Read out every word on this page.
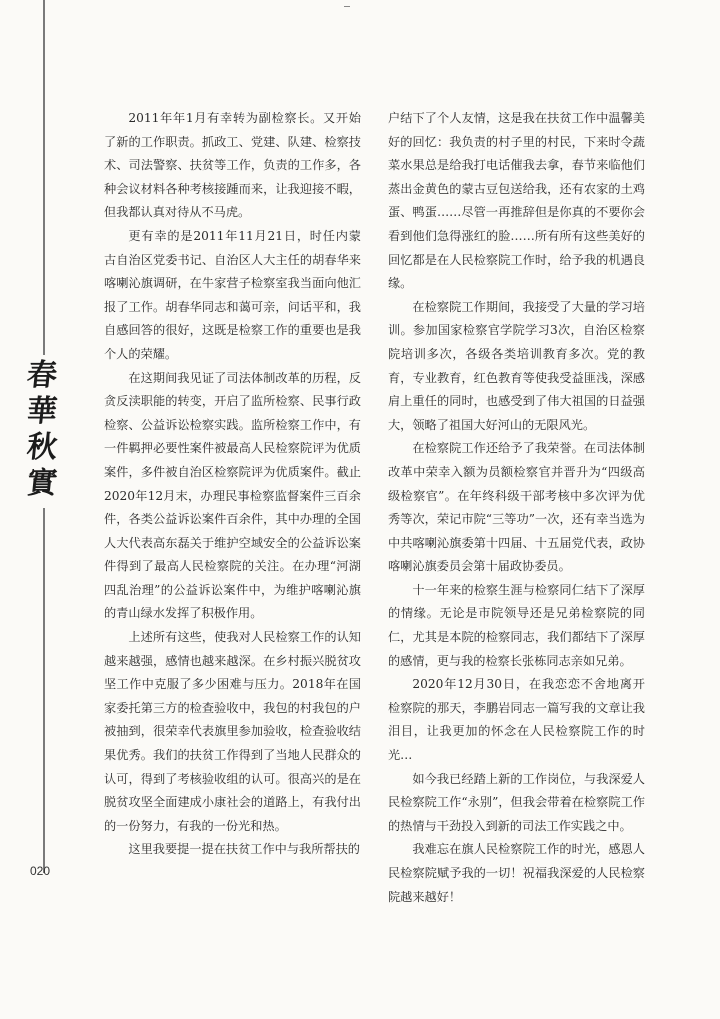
春
華
秋
實
020

2011年年1月有幸转为副检察长。又开始了新的工作职责。抓政工、党建、队建、检察技术、司法警察、扶贫等工作，负责的工作多，各种会议材料各种考核接踵而来，让我迎接不暇，但我都认真对待从不马虎。

更有幸的是2011年11月21日，时任内蒙古自治区党委书记、自治区人大主任的胡春华来喀喇沁旗调研，在牛家营子检察室我当面向他汇报了工作。胡春华同志和蔼可亲，问话平和，我自感回答的很好，这既是检察工作的重要也是我个人的荣耀。

在这期间我见证了司法体制改革的历程，反贪反渎职能的转变，开启了监所检察、民事行政检察、公益诉讼检察实践。监所检察工作中，有一件羁押必要性案件被最高人民检察院评为优质案件，多件被自治区检察院评为优质案件。截止2020年12月末，办理民事检察监督案件三百余件，各类公益诉讼案件百余件，其中办理的全国人大代表高东磊关于维护空域安全的公益诉讼案件得到了最高人民检察院的关注。在办理“河湖四乱治理”的公益诉讼案件中，为维护喀喇沁旗的青山绿水发挥了积极作用。

上述所有这些，使我对人民检察工作的认知越来越强，感情也越来越深。在乡村振兴脱贫攻坚工作中克服了多少困难与压力。2018年在国家委托第三方的检查验收中，我包的村我包的户被抽到，很荣幸代表旗里参加验收，检查验收结果优秀。我们的扶贫工作得到了当地人民群众的认可，得到了考核验收组的认可。很高兴的是在脱贫攻坚全面建成小康社会的道路上，有我付出的一份努力，有我的一份光和热。

这里我要提一提在扶贫工作中与我所帮扶的

户结下了个人友情，这是我在扶贫工作中温馨美好的回忆：我负责的村子里的村民，下来时令蔬菜水果总是给我打电话催我去拿，春节来临他们蒸出金黄色的蒙古豆包送给我，还有农家的土鸡蛋、鸭蛋……尽管一再推辞但是你真的不要你会看到他们急得涨红的脸……所有所有这些美好的回忆都是在人民检察院工作时，给予我的机遇良缘。

在检察院工作期间，我接受了大量的学习培训。参加国家检察官学院学习3次，自治区检察院培训多次，各级各类培训教育多次。党的教育，专业教育，红色教育等使我受益匪浅，深感肩上重任的同时，也感受到了伟大祖国的日益强大，领略了祖国大好河山的无限风光。

在检察院工作还给予了我荣誉。在司法体制改革中荣幸入额为员额检察官并晋升为“四级高级检察官”。在年终科级干部考核中多次评为优秀等次，荣记市院“三等功”一次，还有幸当选为中共喀喇沁旗委第十四届、十五届党代表，政协喀喇沁旗委员会第十届政协委员。

十一年来的检察生涯与检察同仁结下了深厚的情缘。无论是市院领导还是兄弟检察院的同仁，尤其是本院的检察同志，我们都结下了深厚的感情，更与我的检察长张栋同志亲如兄弟。

2020年12月30日，在我恋恋不舍地离开检察院的那天，李鹏岩同志一篇写我的文章让我泪目，让我更加的怀念在人民检察院工作的时光…

如今我已经踏上新的工作岗位，与我深爱人民检察院工作“永别”，但我会带着在检察院工作的热情与干劲投入到新的司法工作实践之中。

我难忘在旗人民检察院工作的时光，感恩人民检察院赋予我的一切！祝福我深爱的人民检察院越来越好！
